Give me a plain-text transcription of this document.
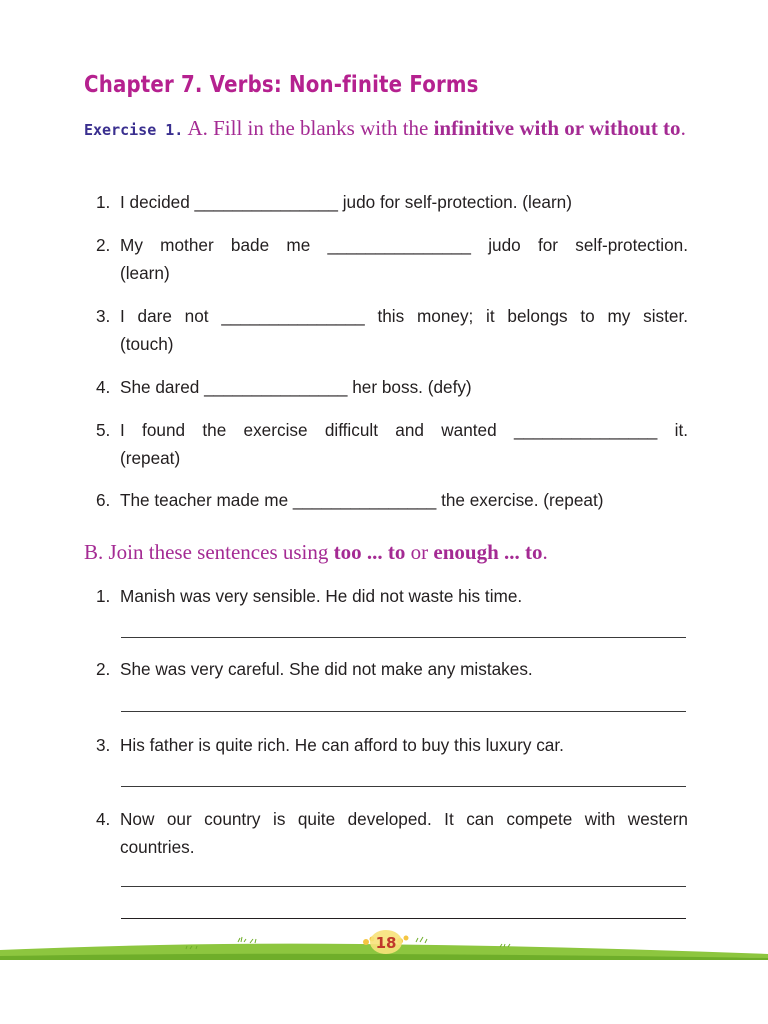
Chapter 7. Verbs: Non-finite Forms
Exercise 1. A. Fill in the blanks with the infinitive with or without to.
1. I decided _______________ judo for self-protection. (learn)
2. My mother bade me _______________ judo for self-protection.
(learn)
3. I dare not _______________ this money; it belongs to my sister.
(touch)
4. She dared _______________ her boss. (defy)
5. I found the exercise difficult and wanted _______________ it.
(repeat)
6. The teacher made me _______________ the exercise. (repeat)
B. Join these sentences using too ... to or enough ... to.
1. Manish was very sensible. He did not waste his time.
2. She was very careful. She did not make any mistakes.
3. His father is quite rich. He can afford to buy this luxury car.
4. Now our country is quite developed. It can compete with western
countries.
18
